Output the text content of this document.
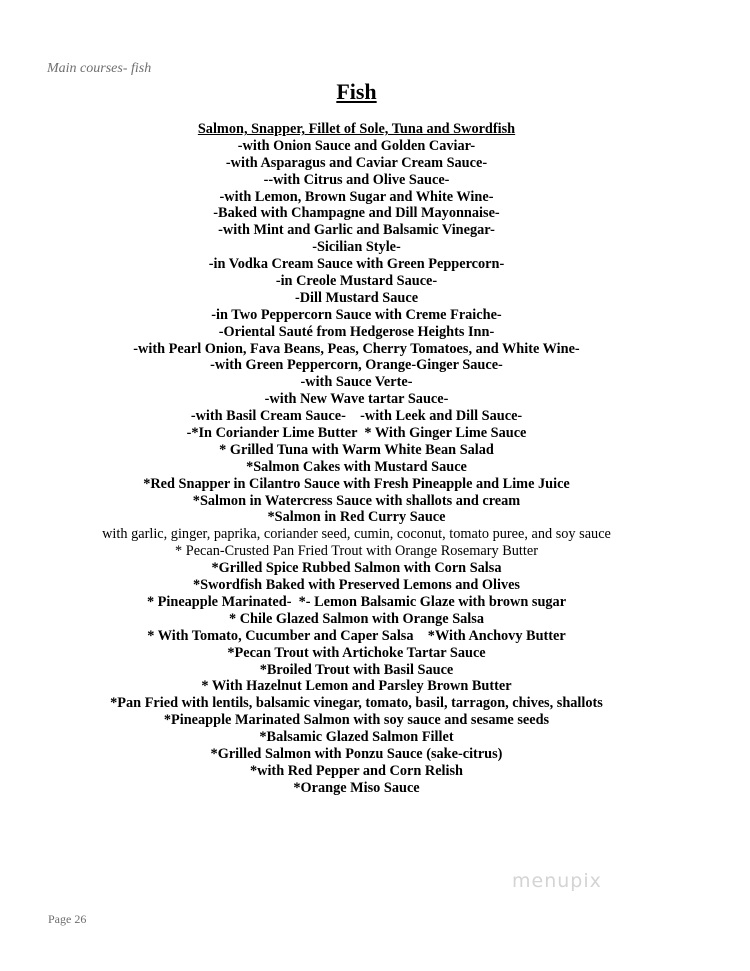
Main courses- fish

Fish
Salmon, Snapper, Fillet of Sole, Tuna and Swordfish
-with Onion Sauce and Golden Caviar-
-with Asparagus and Caviar Cream Sauce-
--with Citrus and Olive Sauce-
-with Lemon, Brown Sugar and White Wine-
-Baked with Champagne and Dill Mayonnaise-
-with Mint and Garlic and Balsamic Vinegar-
-Sicilian Style-
-in Vodka Cream Sauce with Green Peppercorn-
-in Creole Mustard Sauce-
-Dill Mustard Sauce
-in Two Peppercorn Sauce with Creme Fraiche-
-Oriental Sauté from Hedgerose Heights Inn-
-with Pearl Onion, Fava Beans, Peas, Cherry Tomatoes, and White Wine-
-with Green Peppercorn, Orange-Ginger Sauce-
-with Sauce Verte-
-with New Wave tartar Sauce-
-with Basil Cream Sauce-    -with Leek and Dill Sauce-
-*In Coriander Lime Butter  * With Ginger Lime Sauce
* Grilled Tuna with Warm White Bean Salad
*Salmon Cakes with Mustard Sauce
*Red Snapper in Cilantro Sauce with Fresh Pineapple and Lime Juice
*Salmon in Watercress Sauce with shallots and cream
*Salmon in Red Curry Sauce
with garlic, ginger, paprika, coriander seed, cumin, coconut, tomato puree, and soy sauce
* Pecan-Crusted Pan Fried Trout with Orange Rosemary Butter
*Grilled Spice Rubbed Salmon with Corn Salsa
*Swordfish Baked with Preserved Lemons and Olives
* Pineapple Marinated-  *- Lemon Balsamic Glaze with brown sugar
* Chile Glazed Salmon with Orange Salsa
* With Tomato, Cucumber and Caper Salsa    *With Anchovy Butter
*Pecan Trout with Artichoke Tartar Sauce
*Broiled Trout with Basil Sauce
* With Hazelnut Lemon and Parsley Brown Butter
*Pan Fried with lentils, balsamic vinegar, tomato, basil, tarragon, chives, shallots
*Pineapple Marinated Salmon with soy sauce and sesame seeds
*Balsamic Glazed Salmon Fillet
*Grilled Salmon with Ponzu Sauce (sake-citrus)
*with Red Pepper and Corn Relish
*Orange Miso Sauce
menupix
Page 26
